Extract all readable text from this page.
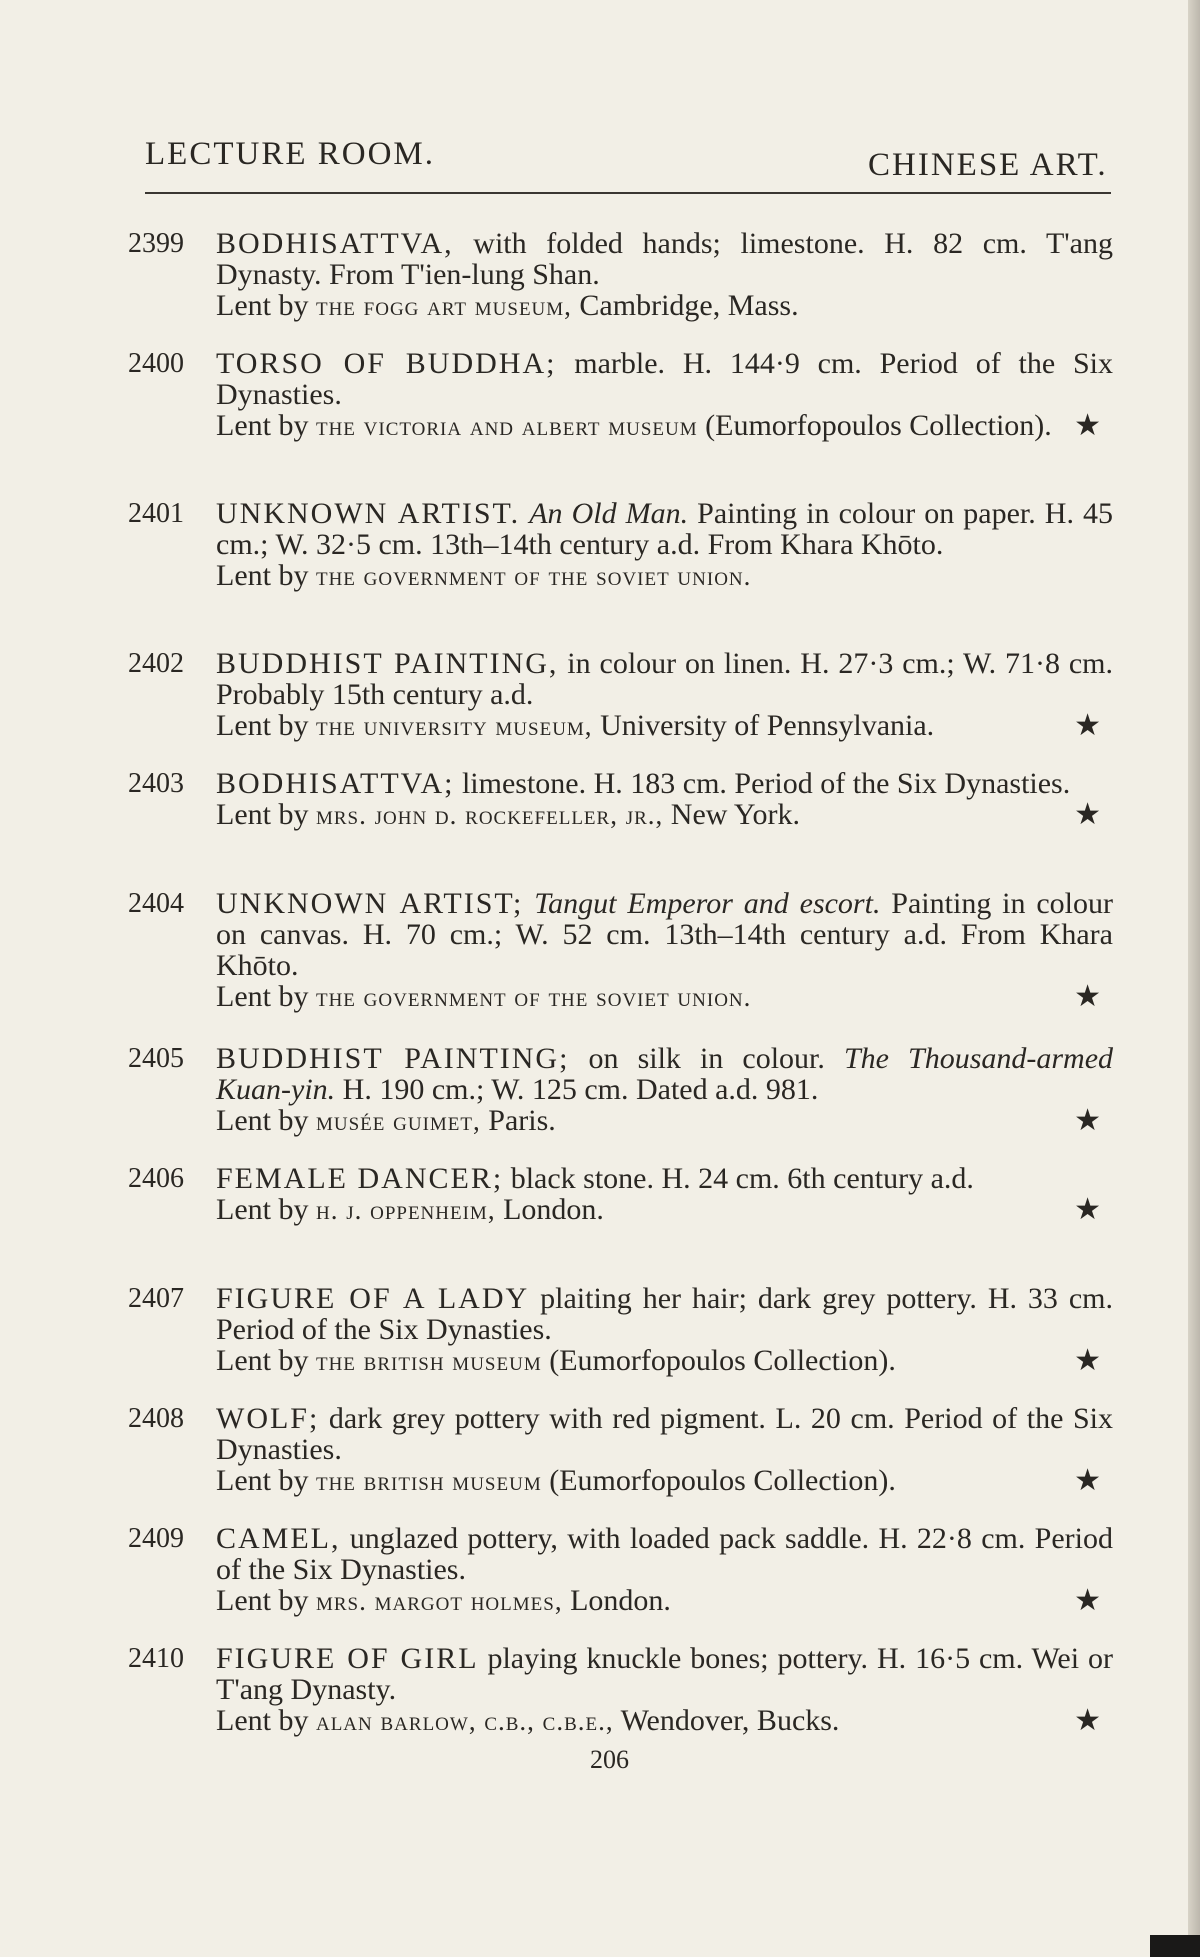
LECTURE ROOM.	CHINESE ART.
2399	BODHISATTVA, with folded hands; limestone. H. 82 cm. T'ang Dynasty. From T'ien-lung Shan.

Lent by the fogg art museum, Cambridge, Mass.

2400	TORSO OF BUDDHA; marble. H. 144·9 cm. Period of the Six Dynasties.

★
Lent by the victoria and albert museum (Eumorfopoulos Collection).

2401	UNKNOWN ARTIST. An Old Man. Painting in colour on paper. H. 45 cm.; W. 32·5 cm. 13th–14th century a.d. From Khara Khōto.

Lent by the government of the soviet union.

2402	BUDDHIST PAINTING, in colour on linen. H. 27·3 cm.; W. 71·8 cm. Probably 15th century a.d.

★
Lent by the university museum, University of Pennsylvania.

2403	BODHISATTVA; limestone. H. 183 cm. Period of the Six Dynasties.

★
Lent by mrs. john d. rockefeller, jr., New York.

2404	UNKNOWN ARTIST; Tangut Emperor and escort. Painting in colour on canvas. H. 70 cm.; W. 52 cm. 13th–14th century a.d. From Khara Khōto.

★
Lent by the government of the soviet union.

2405	BUDDHIST PAINTING; on silk in colour. The Thousand-armed Kuan-yin. H. 190 cm.; W. 125 cm. Dated a.d. 981.

★
Lent by musée guimet, Paris.

2406	FEMALE DANCER; black stone. H. 24 cm. 6th century a.d.

★
Lent by h. j. oppenheim, London.

2407	FIGURE OF A LADY plaiting her hair; dark grey pottery. H. 33 cm. Period of the Six Dynasties.

★
Lent by the british museum (Eumorfopoulos Collection).

2408	WOLF; dark grey pottery with red pigment. L. 20 cm. Period of the Six Dynasties.

★
Lent by the british museum (Eumorfopoulos Collection).

2409	CAMEL, unglazed pottery, with loaded pack saddle. H. 22·8 cm. Period of the Six Dynasties.

★
Lent by mrs. margot holmes, London.

2410	FIGURE OF GIRL playing knuckle bones; pottery. H. 16·5 cm. Wei or T'ang Dynasty.

★
Lent by alan barlow, c.b., c.b.e., Wendover, Bucks.

206
